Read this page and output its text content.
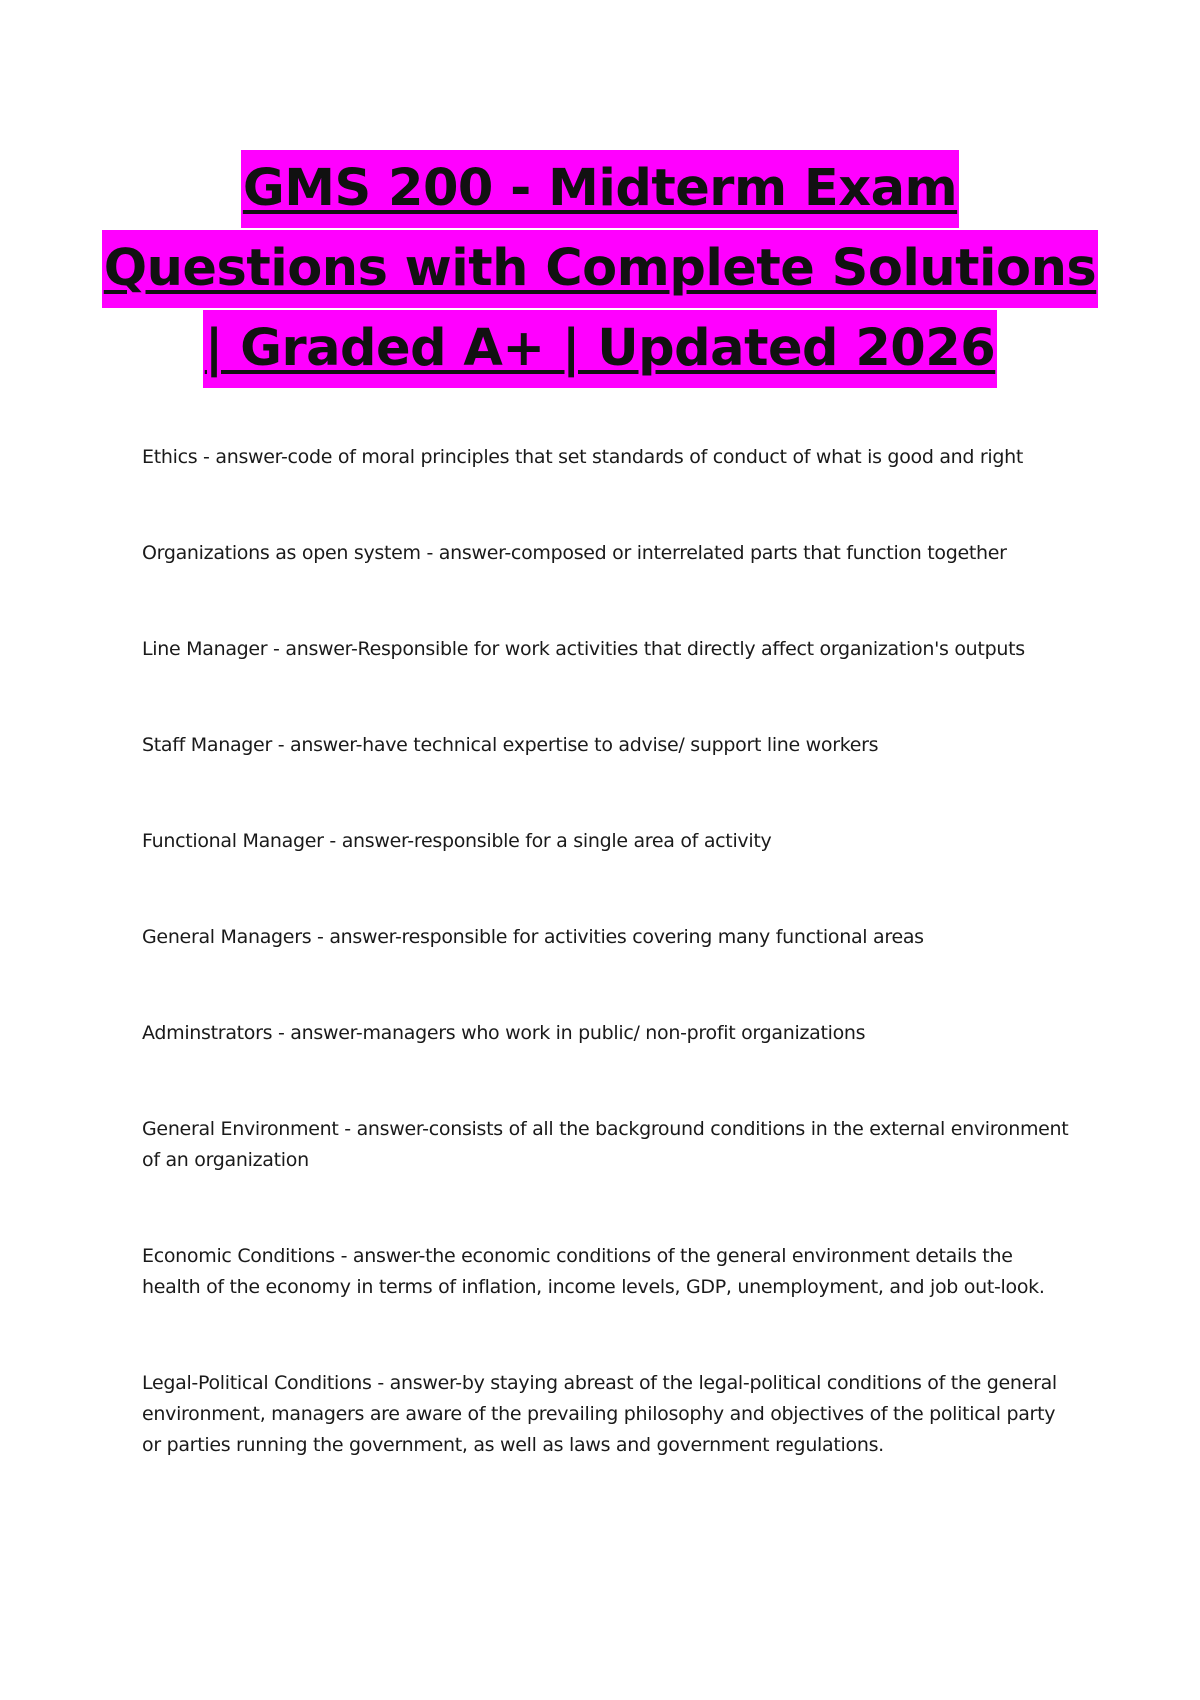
GMS 200 - Midterm Exam
Questions with Complete Solutions
| Graded A+ | Updated 2026

Ethics - answer-code of moral principles that set standards of conduct of what is good and right

Organizations as open system - answer-composed or interrelated parts that function together

Line Manager - answer-Responsible for work activities that directly affect organization's outputs

Staff Manager - answer-have technical expertise to advise/ support line workers

Functional Manager - answer-responsible for a single area of activity

General Managers - answer-responsible for activities covering many functional areas

Adminstrators - answer-managers who work in public/ non-profit organizations

General Environment - answer-consists of all the background conditions in the external environment of an organization

Economic Conditions - answer-the economic conditions of the general environment details the health of the economy in terms of inflation, income levels, GDP, unemployment, and job out-look.

Legal-Political Conditions - answer-by staying abreast of the legal-political conditions of the general environment, managers are aware of the prevailing philosophy and objectives of the political party or parties running the government, as well as laws and government regulations.
